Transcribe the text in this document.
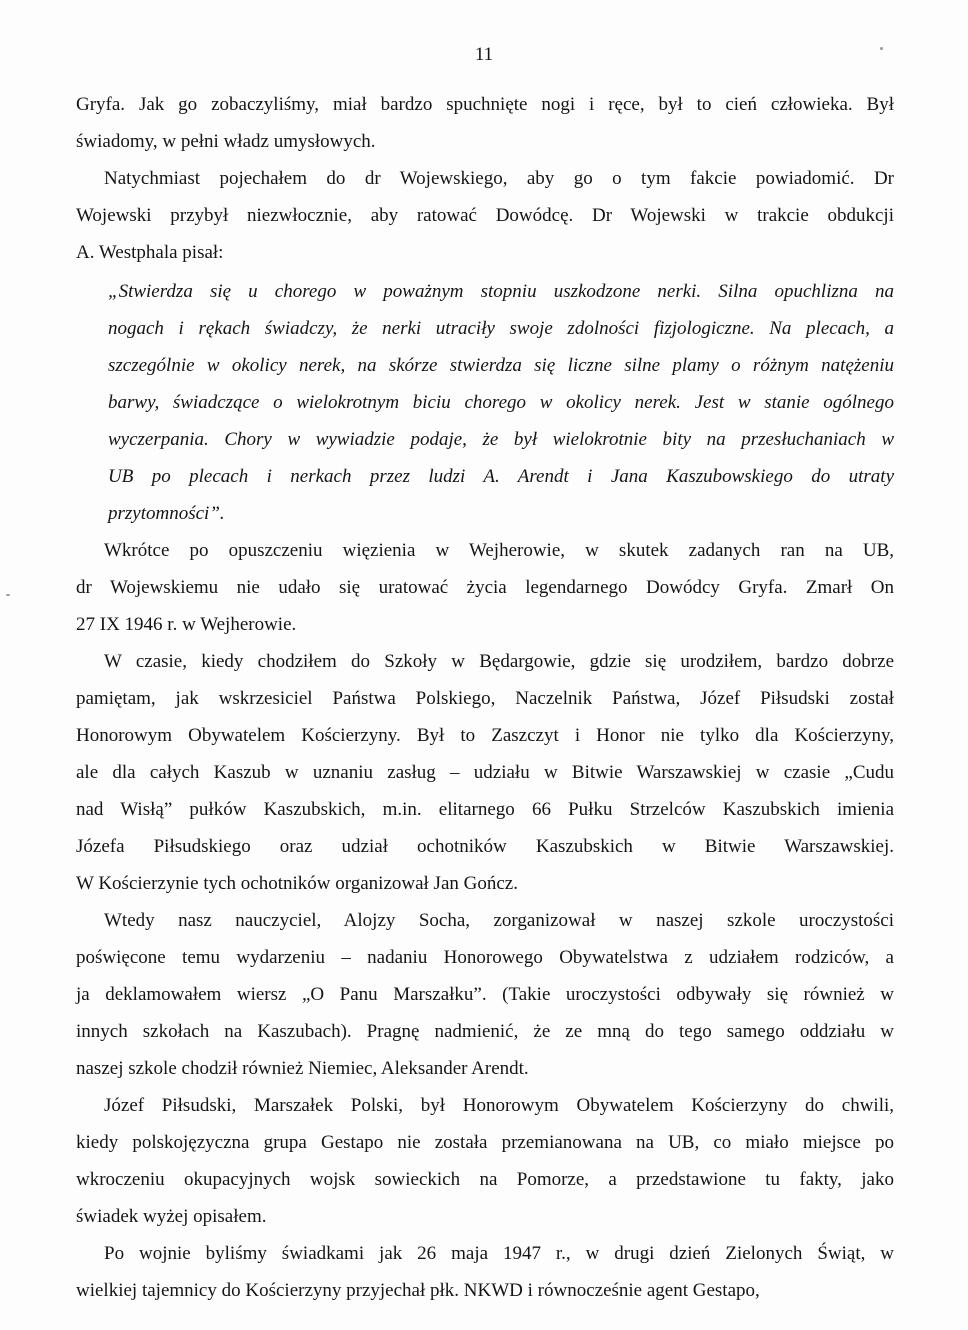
11
Gryfa. Jak go zobaczyliśmy, miał bardzo spuchnięte nogi i ręce, był to cień człowieka. Był
świadomy, w pełni władz umysłowych.
Natychmiast pojechałem do dr Wojewskiego, aby go o tym fakcie powiadomić. Dr
Wojewski przybył niezwłocznie, aby ratować Dowódcę. Dr Wojewski w trakcie obdukcji
A. Westphala pisał:
„Stwierdza się u chorego w poważnym stopniu uszkodzone nerki. Silna opuchlizna na
nogach i rękach świadczy, że nerki utraciły swoje zdolności fizjologiczne. Na plecach, a
szczególnie w okolicy nerek, na skórze stwierdza się liczne silne plamy o różnym natężeniu
barwy, świadczące o wielokrotnym biciu chorego w okolicy nerek. Jest w stanie ogólnego
wyczerpania. Chory w wywiadzie podaje, że był wielokrotnie bity na przesłuchaniach w
UB po plecach i nerkach przez ludzi A. Arendt i Jana Kaszubowskiego do utraty
przytomności”.
Wkrótce po opuszczeniu więzienia w Wejherowie, w skutek zadanych ran na UB,
dr Wojewskiemu nie udało się uratować życia legendarnego Dowódcy Gryfa. Zmarł On
27 IX 1946 r. w Wejherowie.
W czasie, kiedy chodziłem do Szkoły w Będargowie, gdzie się urodziłem, bardzo dobrze
pamiętam, jak wskrzesiciel Państwa Polskiego, Naczelnik Państwa, Józef Piłsudski został
Honorowym Obywatelem Kościerzyny. Był to Zaszczyt i Honor nie tylko dla Kościerzyny,
ale dla całych Kaszub w uznaniu zasług – udziału w Bitwie Warszawskiej w czasie „Cudu
nad Wisłą” pułków Kaszubskich, m.in. elitarnego 66 Pułku Strzelców Kaszubskich imienia
Józefa Piłsudskiego oraz udział ochotników Kaszubskich w Bitwie Warszawskiej.
W Kościerzynie tych ochotników organizował Jan Gończ.
Wtedy nasz nauczyciel, Alojzy Socha, zorganizował w naszej szkole uroczystości
poświęcone temu wydarzeniu – nadaniu Honorowego Obywatelstwa z udziałem rodziców, a
ja deklamowałem wiersz „O Panu Marszałku”. (Takie uroczystości odbywały się również w
innych szkołach na Kaszubach). Pragnę nadmienić, że ze mną do tego samego oddziału w
naszej szkole chodził również Niemiec, Aleksander Arendt.
Józef Piłsudski, Marszałek Polski, był Honorowym Obywatelem Kościerzyny do chwili,
kiedy polskojęzyczna grupa Gestapo nie została przemianowana na UB, co miało miejsce po
wkroczeniu okupacyjnych wojsk sowieckich na Pomorze, a przedstawione tu fakty, jako
świadek wyżej opisałem.
Po wojnie byliśmy świadkami jak 26 maja 1947 r., w drugi dzień Zielonych Świąt, w
wielkiej tajemnicy do Kościerzyny przyjechał płk. NKWD i równocześnie agent Gestapo,
